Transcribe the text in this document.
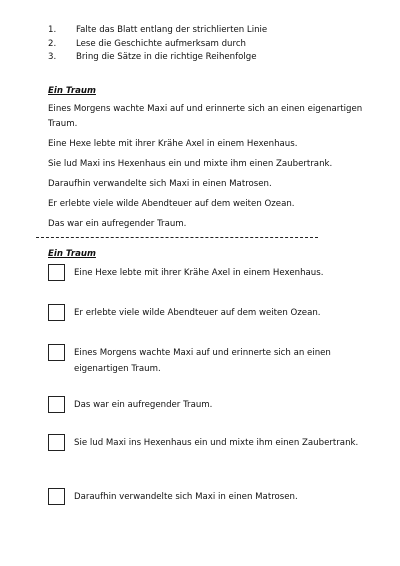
1. Falte das Blatt entlang der strichlierten Linie
2. Lese die Geschichte aufmerksam durch
3. Bring die Sätze in die richtige Reihenfolge
Ein Traum

Eines Morgens wachte Maxi auf und erinnerte sich an einen eigenartigen Traum.

Eine Hexe lebte mit ihrer Krähe Axel in einem Hexenhaus.

Sie lud Maxi ins Hexenhaus ein und mixte ihm einen Zaubertrank.

Daraufhin verwandelte sich Maxi in einen Matrosen.

Er erlebte viele wilde Abendteuer auf dem weiten Ozean.

Das war ein aufregender Traum.

Ein Traum
Eine Hexe lebte mit ihrer Krähe Axel in einem Hexenhaus.
Er erlebte viele wilde Abendteuer auf dem weiten Ozean.
Eines Morgens wachte Maxi auf und erinnerte sich an einen eigenartigen Traum.
Das war ein aufregender Traum.
Sie lud Maxi ins Hexenhaus ein und mixte ihm einen Zaubertrank.
Daraufhin verwandelte sich Maxi in einen Matrosen.
